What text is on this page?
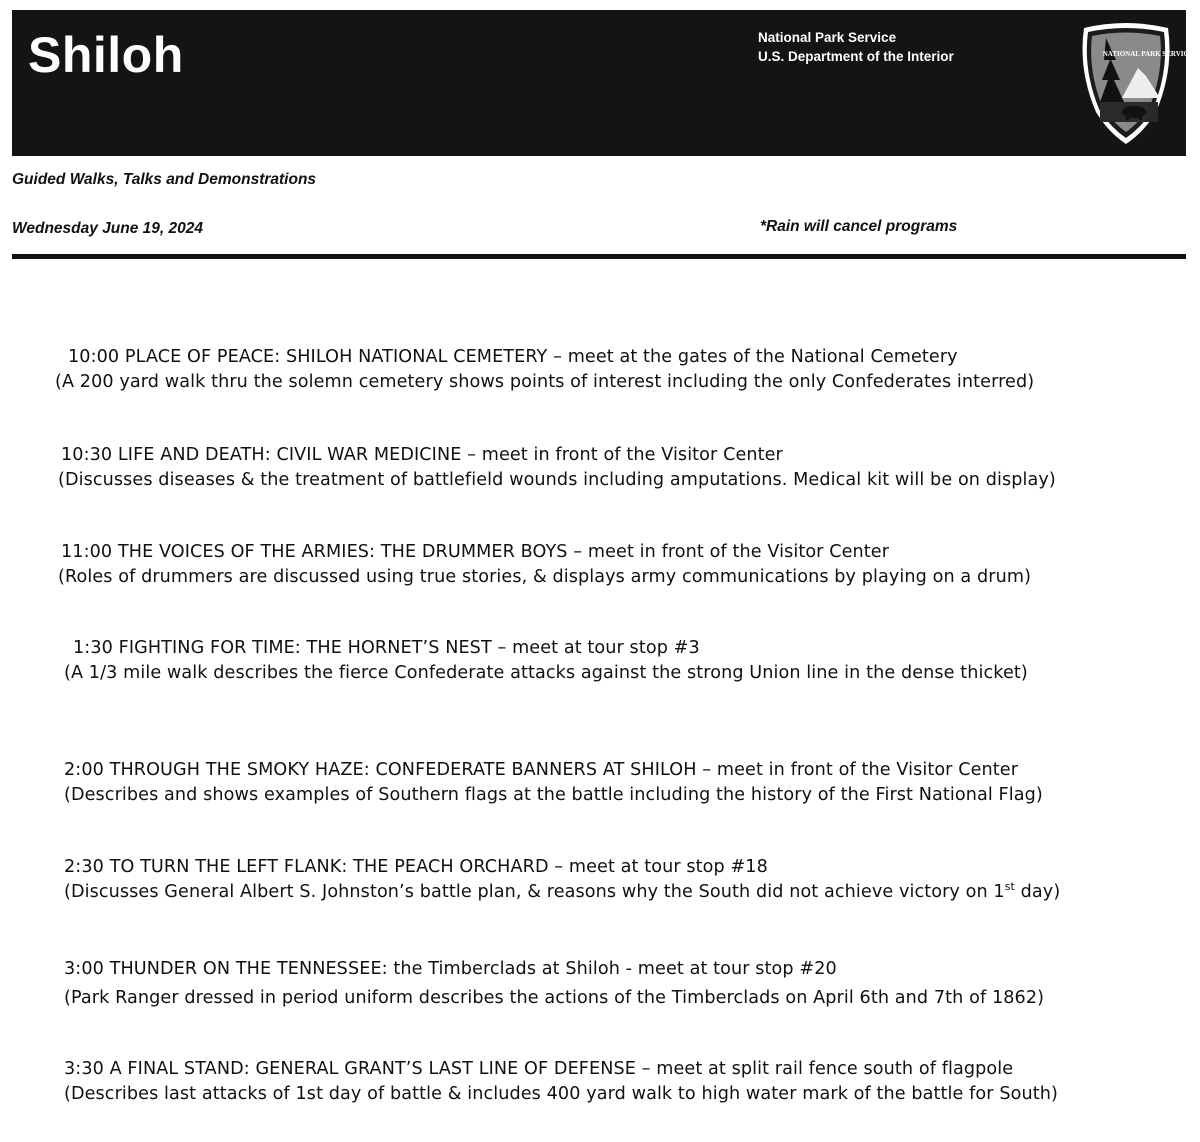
Shiloh	National Park Service
U.S. Department of the Interior	NATIONAL PARK SERVICE
Guided Walks, Talks and Demonstrations
Wednesday June 19, 2024	*Rain will cancel programs
10:00 PLACE OF PEACE: SHILOH NATIONAL CEMETERY – meet at the gates of the National Cemetery
(A 200 yard walk thru the solemn cemetery shows points of interest including the only Confederates interred)
10:30 LIFE AND DEATH: CIVIL WAR MEDICINE – meet in front of the Visitor Center
(Discusses diseases & the treatment of battlefield wounds including amputations. Medical kit will be on display)
11:00 THE VOICES OF THE ARMIES: THE DRUMMER BOYS – meet in front of the Visitor Center
(Roles of drummers are discussed using true stories, & displays army communications by playing on a drum)
1:30 FIGHTING FOR TIME: THE HORNET’S NEST – meet at tour stop #3
(A 1/3 mile walk describes the fierce Confederate attacks against the strong Union line in the dense thicket)
2:00 THROUGH THE SMOKY HAZE: CONFEDERATE BANNERS AT SHILOH – meet in front of the Visitor Center
(Describes and shows examples of Southern flags at the battle including the history of the First National Flag)
2:30 TO TURN THE LEFT FLANK: THE PEACH ORCHARD – meet at tour stop #18
(Discusses General Albert S. Johnston’s battle plan, & reasons why the South did not achieve victory on 1st day)
3:00 THUNDER ON THE TENNESSEE: the Timberclads at Shiloh - meet at tour stop #20
(Park Ranger dressed in period uniform describes the actions of the Timberclads on April 6th and 7th of 1862)
3:30 A FINAL STAND: GENERAL GRANT’S LAST LINE OF DEFENSE – meet at split rail fence south of flagpole
(Describes last attacks of 1st day of battle & includes 400 yard walk to high water mark of the battle for South)
